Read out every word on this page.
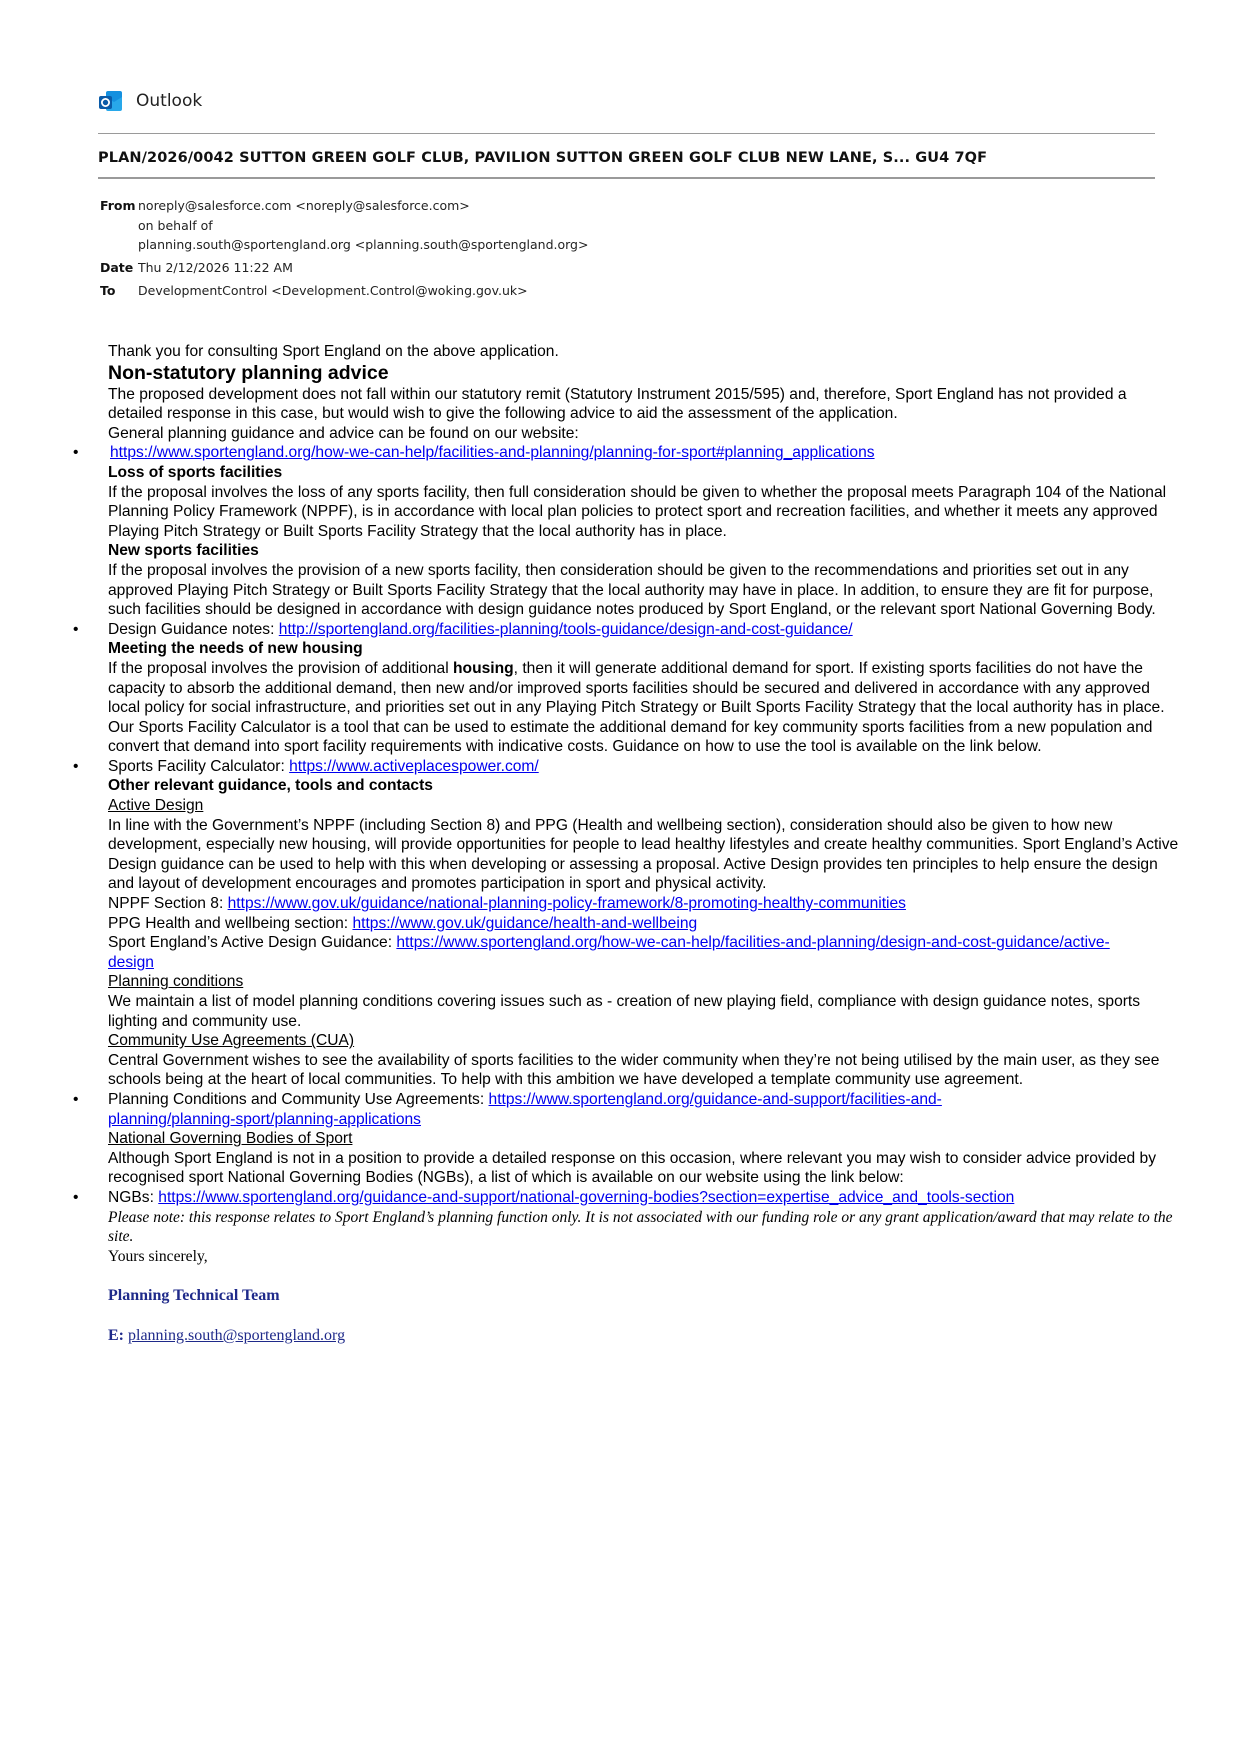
Outlook
PLAN/2026/0042 SUTTON GREEN GOLF CLUB, PAVILION SUTTON GREEN GOLF CLUB NEW LANE, S... GU4 7QF
From noreply@salesforce.com <noreply@salesforce.com>
on behalf of
planning.south@sportengland.org <planning.south@sportengland.org>
Date Thu 2/12/2026 11:22 AM
To	DevelopmentControl <Development.Control@woking.gov.uk>

Thank you for consulting Sport England on the above application.

Non-statutory planning advice

The proposed development does not fall within our statutory remit (Statutory Instrument 2015/595) and, therefore, Sport England has not provided a detailed response in this case, but would wish to give the following advice to aid the assessment of the application.

General planning guidance and advice can be found on our website:

• https://www.sportengland.org/how-we-can-help/facilities-and-planning/planning-for-sport#planning_applications

Loss of sports facilities

If the proposal involves the loss of any sports facility, then full consideration should be given to whether the proposal meets Paragraph 104 of the National Planning Policy Framework (NPPF), is in accordance with local plan policies to protect sport and recreation facilities, and whether it meets any approved Playing Pitch Strategy or Built Sports Facility Strategy that the local authority has in place.

New sports facilities

If the proposal involves the provision of a new sports facility, then consideration should be given to the recommendations and priorities set out in any approved Playing Pitch Strategy or Built Sports Facility Strategy that the local authority may have in place. In addition, to ensure they are fit for purpose, such facilities should be designed in accordance with design guidance notes produced by Sport England, or the relevant sport National Governing Body.

• Design Guidance notes: http://sportengland.org/facilities-planning/tools-guidance/design-and-cost-guidance/

Meeting the needs of new housing

If the proposal involves the provision of additional housing, then it will generate additional demand for sport. If existing sports facilities do not have the capacity to absorb the additional demand, then new and/or improved sports facilities should be secured and delivered in accordance with any approved local policy for social infrastructure, and priorities set out in any Playing Pitch Strategy or Built Sports Facility Strategy that the local authority has in place. Our Sports Facility Calculator is a tool that can be used to estimate the additional demand for key community sports facilities from a new population and convert that demand into sport facility requirements with indicative costs. Guidance on how to use the tool is available on the link below.

• Sports Facility Calculator: https://www.activeplacespower.com/

Other relevant guidance, tools and contacts

Active Design

In line with the Government’s NPPF (including Section 8) and PPG (Health and wellbeing section), consideration should also be given to how new development, especially new housing, will provide opportunities for people to lead healthy lifestyles and create healthy communities. Sport England’s Active Design guidance can be used to help with this when developing or assessing a proposal. Active Design provides ten principles to help ensure the design and layout of development encourages and promotes participation in sport and physical activity.

NPPF Section 8: https://www.gov.uk/guidance/national-planning-policy-framework/8-promoting-healthy-communities

PPG Health and wellbeing section: https://www.gov.uk/guidance/health-and-wellbeing

Sport England’s Active Design Guidance: https://www.sportengland.org/how-we-can-help/facilities-and-planning/design-and-cost-guidance/active-design

Planning conditions

We maintain a list of model planning conditions covering issues such as - creation of new playing field, compliance with design guidance notes, sports lighting and community use.

Community Use Agreements (CUA)

Central Government wishes to see the availability of sports facilities to the wider community when they’re not being utilised by the main user, as they see schools being at the heart of local communities. To help with this ambition we have developed a template community use agreement.

• Planning Conditions and Community Use Agreements: https://www.sportengland.org/guidance-and-support/facilities-and-planning/planning-sport/planning-applications

National Governing Bodies of Sport

Although Sport England is not in a position to provide a detailed response on this occasion, where relevant you may wish to consider advice provided by recognised sport National Governing Bodies (NGBs), a list of which is available on our website using the link below:

• NGBs: https://www.sportengland.org/guidance-and-support/national-governing-bodies?section=expertise_advice_and_tools-section

Please note: this response relates to Sport England’s planning function only. It is not associated with our funding role or any grant application/award that may relate to the site.

Yours sincerely,

Planning Technical Team

E: planning.south@sportengland.org
